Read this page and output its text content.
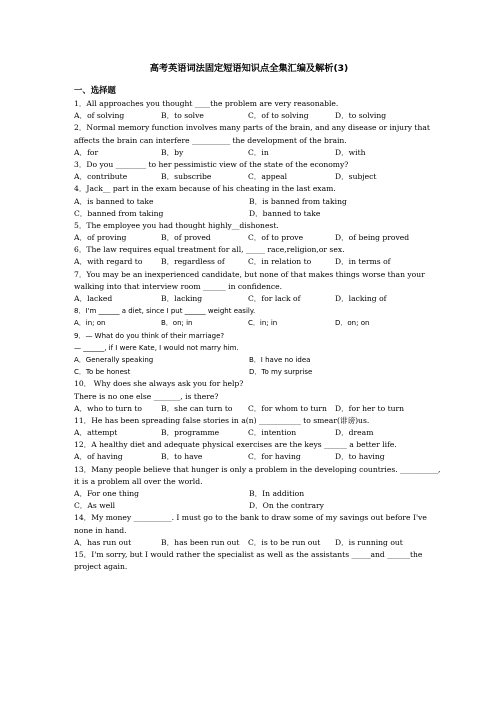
高考英语词法固定短语知识点全集汇编及解析(3)
一、选择题
1．All approaches you thought ____the problem are very reasonable.
A．of solving	B．to solve	C．of to solving	D．to solving
2．Normal memory function involves many parts of the brain, and any disease or injury that
affects the brain can interfere __________ the development of the brain.
A．for	B．by	C．in	D．with
3．Do you ________ to her pessimistic view of the state of the economy?
A．contribute	B．subscribe	C．appeal	D．subject
4．Jack__ part in the exam because of his cheating in the last exam.
A．is banned to take	B．is banned from taking
C．banned from taking	D．banned to take
5．The employee you had thought highly__dishonest.
A．of proving	B．of proved	C．of to prove	D．of being proved
6．The law requires equal treatment for all, _____ race,religion,or sex.
A．with regard to	B．regardless of	C．in relation to	D．in terms of
7．You may be an inexperienced candidate, but none of that makes things worse than your
walking into that interview room ______ in confidence.
A．lacked	B．lacking	C．for lack of	D．lacking of
8．I'm ______ a diet, since I put ______ weight easily.
A．in; on	B．on; in	C．in; in	D．on; on
9．— What do you think of their marriage?
— ______, if I were Kate, I would not marry him.
A．Generally speaking	B．I have no idea
C．To be honest	D．To my surprise
10． Why does she always ask you for help?
There is no one else _______, is there?
A．who to turn to	B．she can turn to	C．for whom to turn	D．for her to turn
11．He has been spreading false stories in a(n) ___________ to smear(诽谤)us.
A．attempt	B．programme	C．intention	D．dream
12．A healthy diet and adequate physical exercises are the keys ______ a better life.
A．of having	B．to have	C．for having	D．to having
13．Many people believe that hunger is only a problem in the developing countries. __________,
it is a problem all over the world.
A．For one thing	B．In addition
C．As well	D．On the contrary
14．My money __________. I must go to the bank to draw some of my savings out before I've
none in hand.
A．has run out	B．has been run out	C．is to be run out	D．is running out
15．I'm sorry, but I would rather the specialist as well as the assistants _____and ______the
project again.
